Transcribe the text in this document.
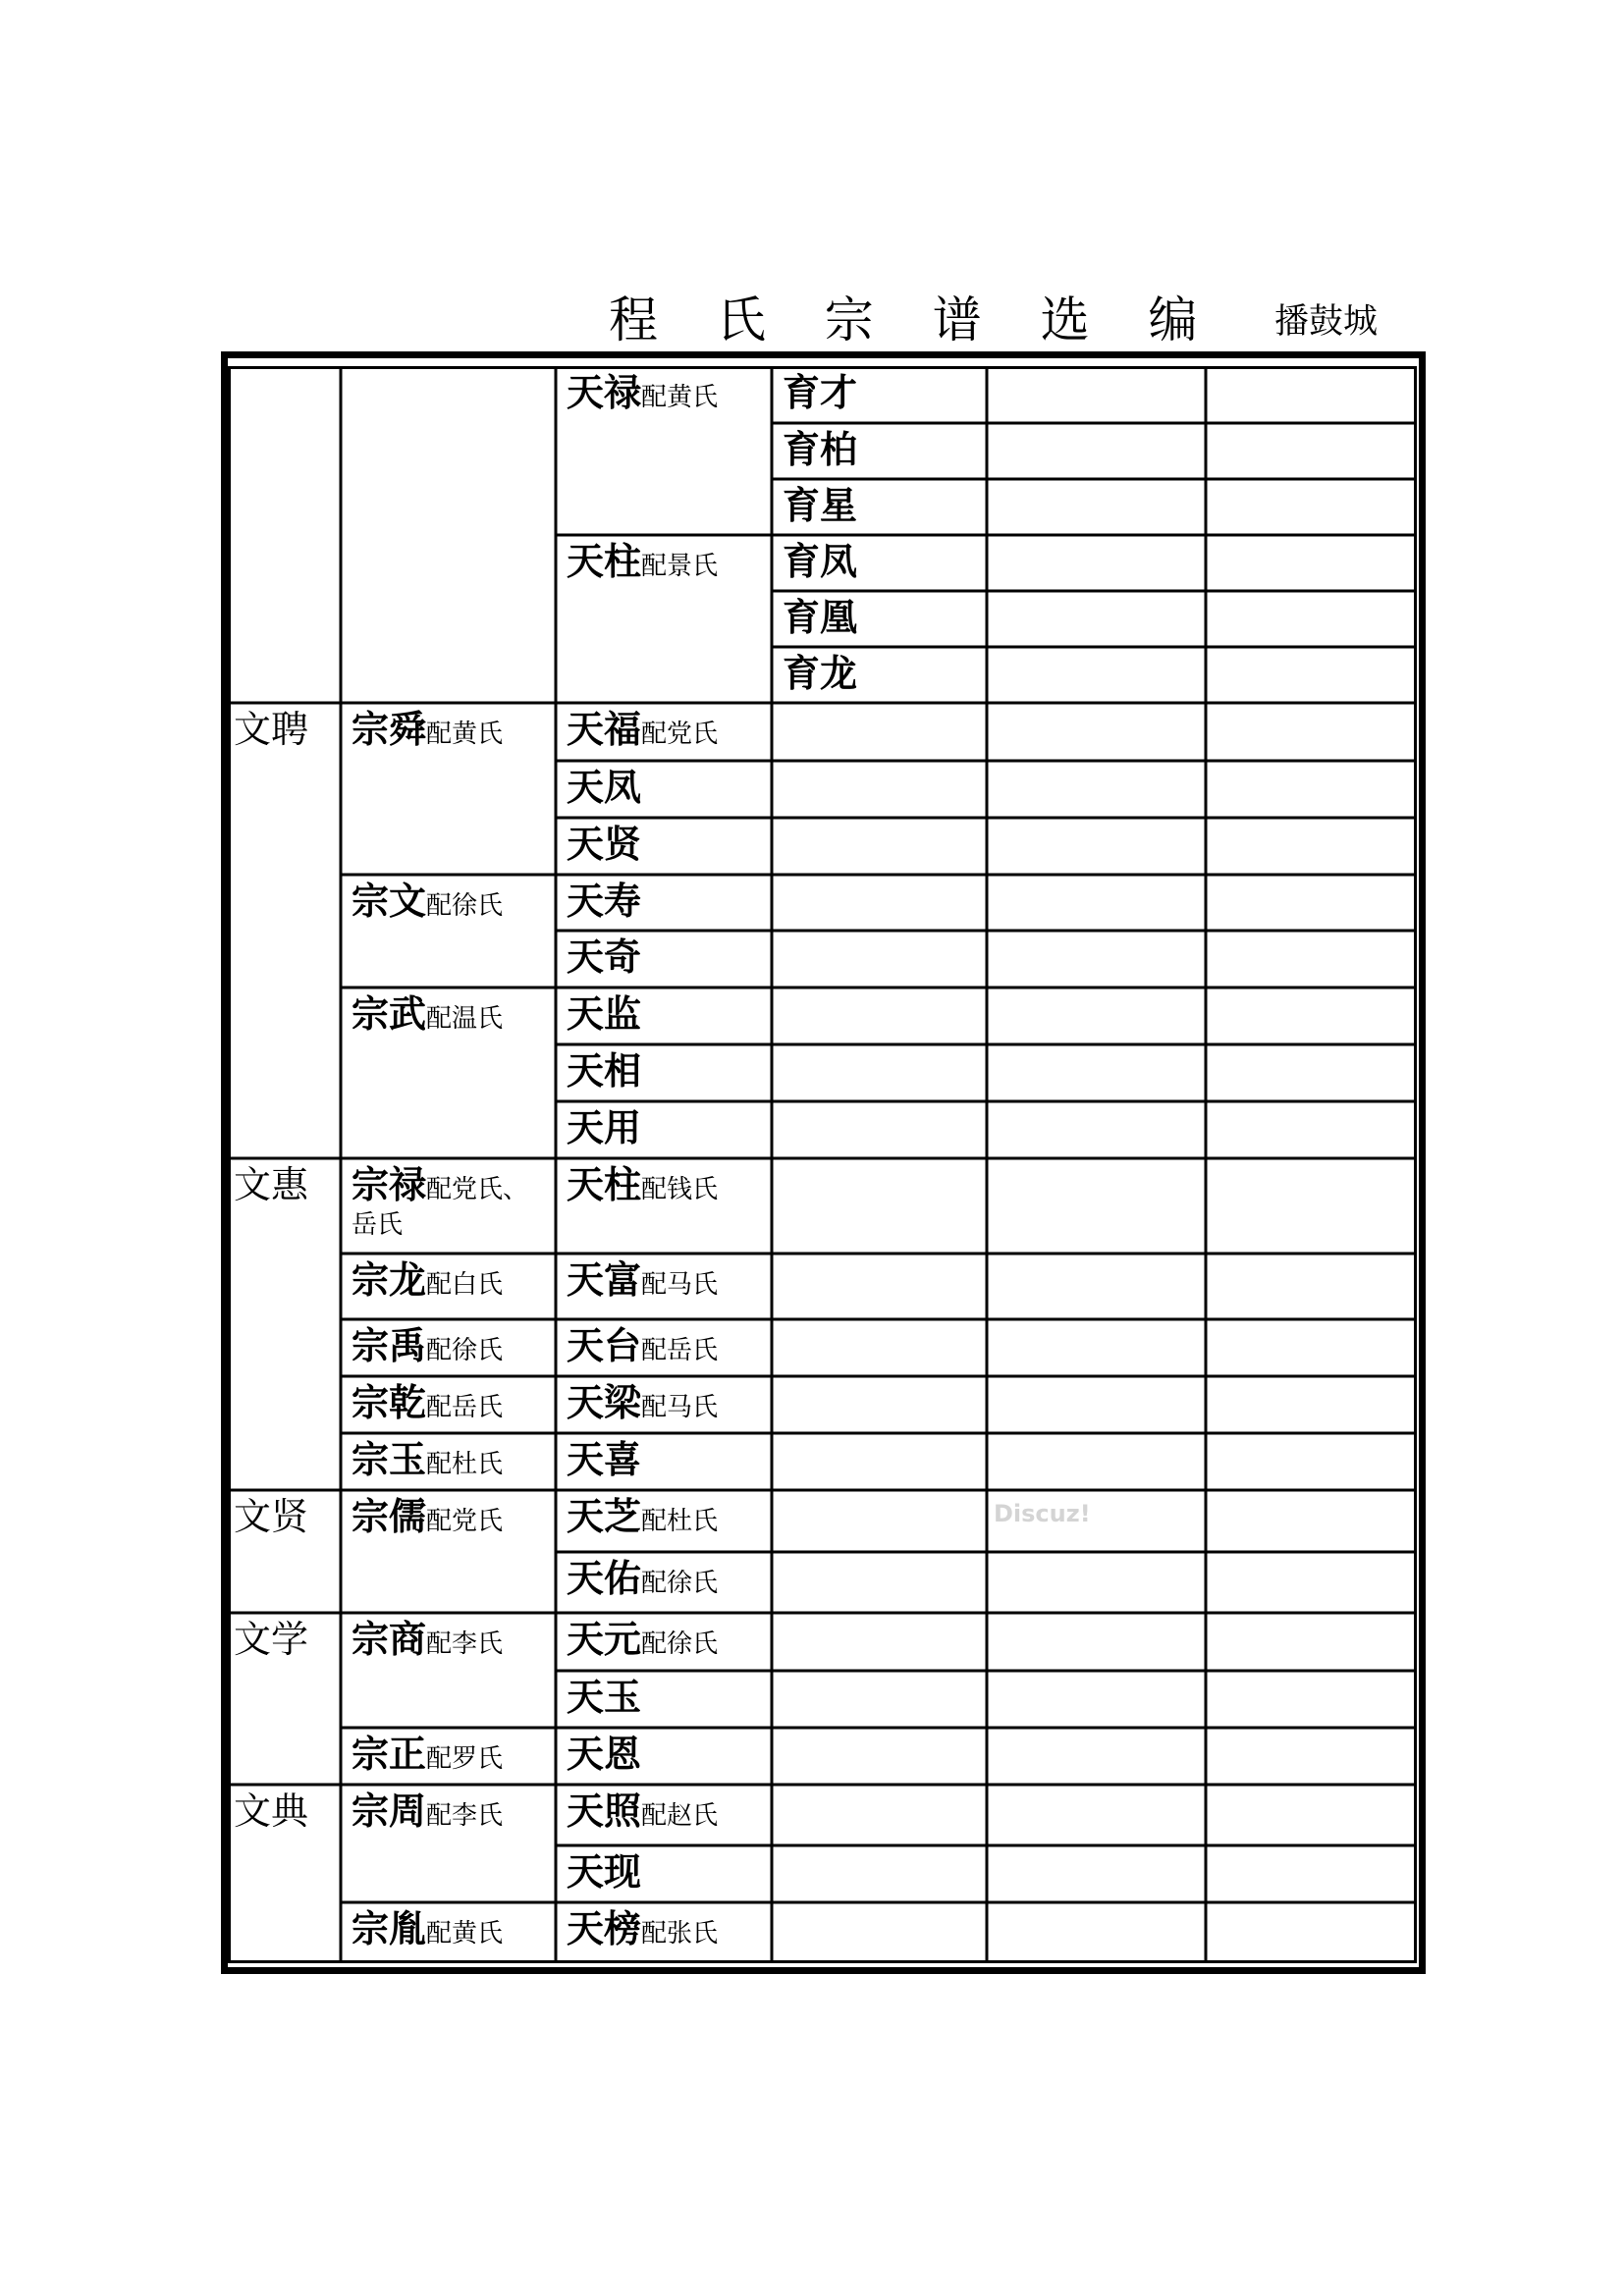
程 氏 宗 谱 选 编 播鼓城
天禄配黄氏 育才
育柏
育星
天柱配景氏 育凤
育凰
育龙
文聘 宗舜配黄氏 天福配党氏
天凤
天贤
宗文配徐氏 天寿
天奇
宗武配温氏 天监
天相
天用
文惠 宗禄配党氏、
岳氏
天柱配钱氏
宗龙配白氏 天富配马氏
宗禹配徐氏 天台配岳氏
宗乾配岳氏 天梁配马氏
宗玉配杜氏 天喜
文贤 宗儒配党氏 天芝配杜氏
天佑配徐氏
文学 宗商配李氏 天元配徐氏
天玉
宗正配罗氏 天恩
文典 宗周配李氏 天照配赵氏
天现
宗胤配黄氏 天榜配张氏
Discuz!
